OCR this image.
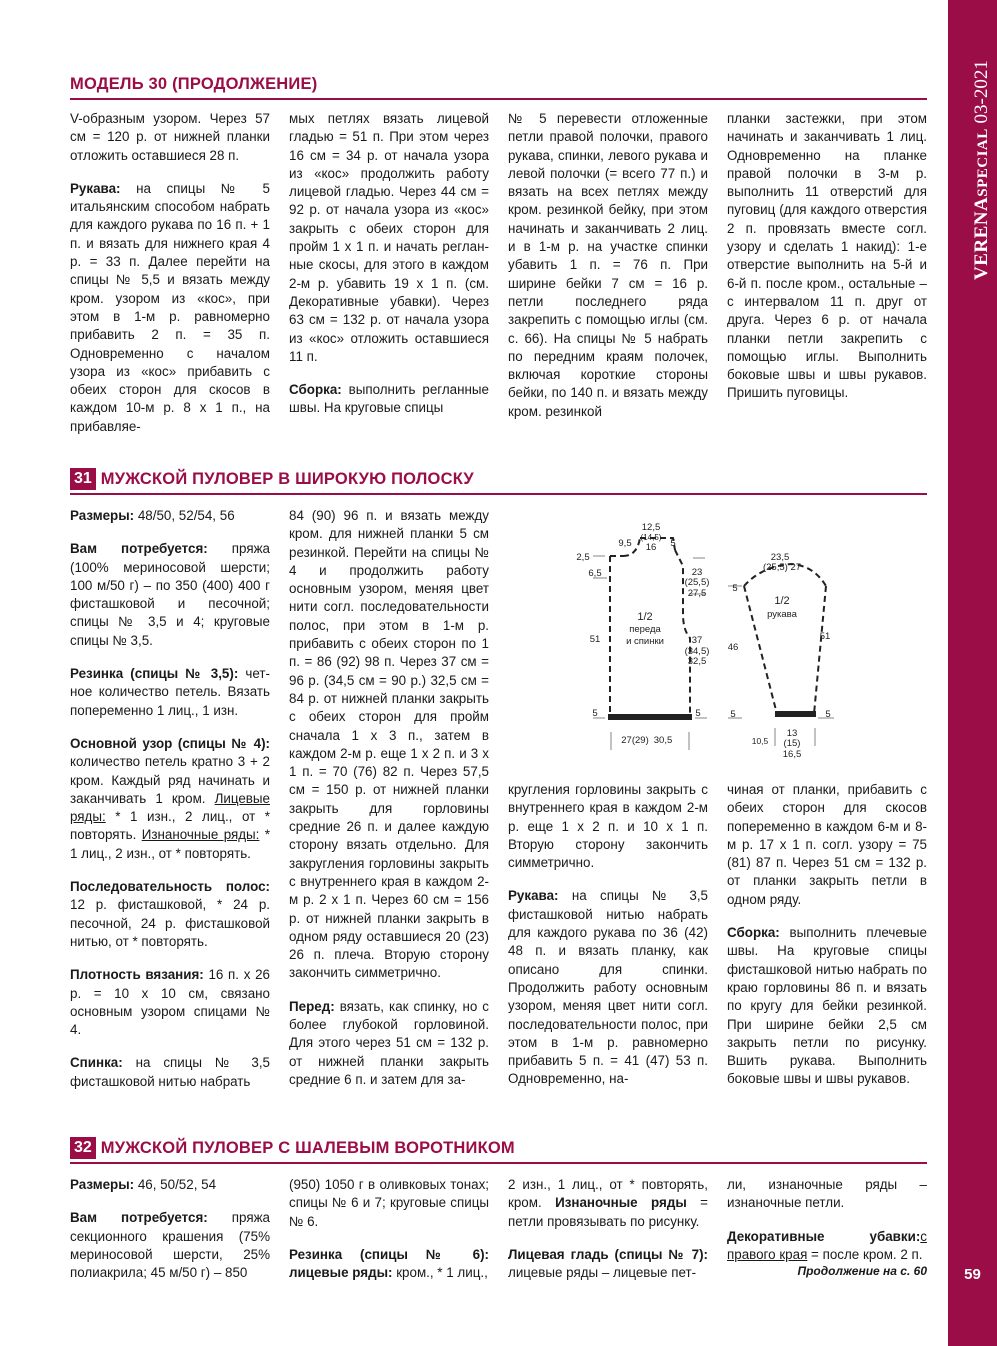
VERENASPECIAL 03-2021
59
МОДЕЛЬ 30 (ПРОДОЛЖЕНИЕ)

V-образным узором. Через 57 см = 120 р. от нижней планки отложить оставшиеся 28 п.

Рукава: на спицы № 5 итальянским способом набрать для каждого рукава по 16 п. + 1 п. и вязать для нижнего края 4 р. = 33 п. Далее перейти на спицы № 5,5 и вязать между кром. узором из «кос», при этом в 1-м р. равномерно прибавить 2 п. = 35 п. Одновременно с началом узора из «кос» прибавить с обеих сторон для скосов в каждом 10-м р. 8 х 1 п., на прибавляе-

мых петлях вязать лицевой гладью = 51 п. При этом через 16 см = 34 р. от начала узора из «кос» продолжить работу лицевой гладью. Через 44 см = 92 р. от начала узора из «кос» закрыть с обеих сторон для пройм 1 х 1 п. и начать регланные скосы, для этого в каждом 2-м р. убавить 19 х 1 п. (см. Декоративные убавки). Через 63 см = 132 р. от начала узора из «кос» отложить оставшиеся 11 п.

Сборка: выполнить регланные швы. На круговые спицы

№ 5 перевести отложенные петли правой полочки, правого рукава, спинки, левого рукава и левой полочки (= всего 77 п.) и вязать на всех петлях между кром. резинкой бейку, при этом начинать и заканчивать 2 лиц. и в 1-м р. на участке спинки убавить 1 п. = 76 п. При ширине бейки 7 см = 16 р. петли последнего ряда закрепить с помощью иглы (см. с. 66). На спицы № 5 набрать по передним краям полочек, включая короткие стороны бейки, по 140 п. и вязать между кром. резинкой

планки застежки, при этом начинать и заканчивать 1 лиц. Одновременно на планке правой полочки в 3-м р. выполнить 11 отверстий для пуговиц (для каждого отверстия 2 п. провязать вместе согл. узору и сделать 1 накид): 1-е отверстие выполнить на 5-й и 6-й п. после кром., остальные – с интервалом 11 п. друг от друга. Через 6 р. от начала планки петли закрепить с помощью иглы. Выполнить боковые швы и швы рукавов. Пришить пуговицы.

31 МУЖСКОЙ ПУЛОВЕР В ШИРОКУЮ ПОЛОСКУ

Размеры: 48/50, 52/54, 56

Вам потребуется: пряжа (100% мериносовой шерсти; 100 м/50 г) – по 350 (400) 400 г фисташковой и песочной; спицы № 3,5 и 4; круговые спицы № 3,5.

Резинка (спицы № 3,5): четное количество петель. Вязать попеременно 1 лиц., 1 изн.

Основной узор (спицы № 4): количество петель кратно 3 + 2 кром. Каждый ряд начинать и заканчивать 1 кром. Лицевые ряды: * 1 изн., 2 лиц., от * повторять. Изнаночные ряды: * 1 лиц., 2 изн., от * повторять.

Последовательность полос: 12 р. фисташковой, * 24 р. песочной, 24 р. фисташковой нитью, от * повторять.

Плотность вязания: 16 п. х 26 р. = 10 х 10 см, связано основным узором спицами № 4.

Спинка: на спицы № 3,5 фисташковой нитью набрать

84 (90) 96 п. и вязать между кром. для нижней планки 5 см резинкой. Перейти на спицы № 4 и продолжить работу основным узором, меняя цвет нити согл. последовательности полос, при этом в 1-м р. прибавить с обеих сторон по 1 п. = 86 (92) 98 п. Через 37 см = 96 р. (34,5 см = 90 р.) 32,5 см = 84 р. от нижней планки закрыть с обеих сторон для пройм сначала 1 х 3 п., затем в каждом 2-м р. еще 1 х 2 п. и 3 х 1 п. = 70 (76) 82 п. Через 57,5 см = 150 р. от нижней планки закрыть для горловины средние 26 п. и далее каждую сторону вязать отдельно. Для закругления горловины закрыть с внутреннего края в каждом 2-м р. 2 х 1 п. Через 60 см = 156 р. от нижней планки закрыть в одном ряду оставшиеся 20 (23) 26 п. плеча. Вторую сторону закончить симметрично.

Перед: вязать, как спинку, но с более глубокой горловиной. Для этого через 51 см = 132 р. от нижней планки закрыть средние 6 п. и затем для за-

кругления горловины закрыть с внутреннего края в каждом 2-м р. еще 1 х 2 п. и 10 х 1 п. Вторую сторону закончить симметрично.

Рукава: на спицы № 3,5 фисташковой нитью набрать для каждого рукава по 36 (42) 48 п. и вязать планку, как описано для спинки. Продолжить работу основным узором, меняя цвет нити согл. последовательности полос, при этом в 1-м р. равномерно прибавить 5 п. = 41 (47) 53 п. Одновременно, на-

чиная от планки, прибавить с обеих сторон для скосов попеременно в каждом 6-м и 8-м р. 17 х 1 п. согл. узору = 75 (81) 87 п. Через 51 см = 132 р. от планки закрыть петли в одном ряду.

Сборка: выполнить плечевые швы. На круговые спицы фисташковой нитью набрать по краю горловины 86 п. и вязать по кругу для бейки резинкой. При ширине бейки 2,5 см закрыть петли по рисунку. Вшить рукава. Выполнить боковые швы и швы рукавов.

12,5
(14,5)
16
9,5	5
2,5
6,5	23
(25,5)
27,5
1/2
переда
и спинки
51	37
(34,5)
32,5
5	5
27(29) 30,5
23,5
(25,5) 27
5
1/2
рукава
46
51
5	5
10,5
13
(15)
16,5
32 МУЖСКОЙ ПУЛОВЕР С ШАЛЕВЫМ ВОРОТНИКОМ

Размеры: 46, 50/52, 54

Вам потребуется: пряжа секционного крашения (75% мериносовой шерсти, 25% полиакрила; 45 м/50 г) – 850

(950) 1050 г в оливковых тонах; спицы № 6 и 7; круговые спицы № 6.

Резинка (спицы № 6): лицевые ряды: кром., * 1 лиц.,

2 изн., 1 лиц., от * повторять, кром. Изнаночные ряды = петли провязывать по рисунку.

Лицевая гладь (спицы № 7): лицевые ряды – лицевые пет-

ли, изнаночные ряды – изнаночные петли.

Декоративные убавки:с правого края = после кром. 2 п.

Продолжение на с. 60
